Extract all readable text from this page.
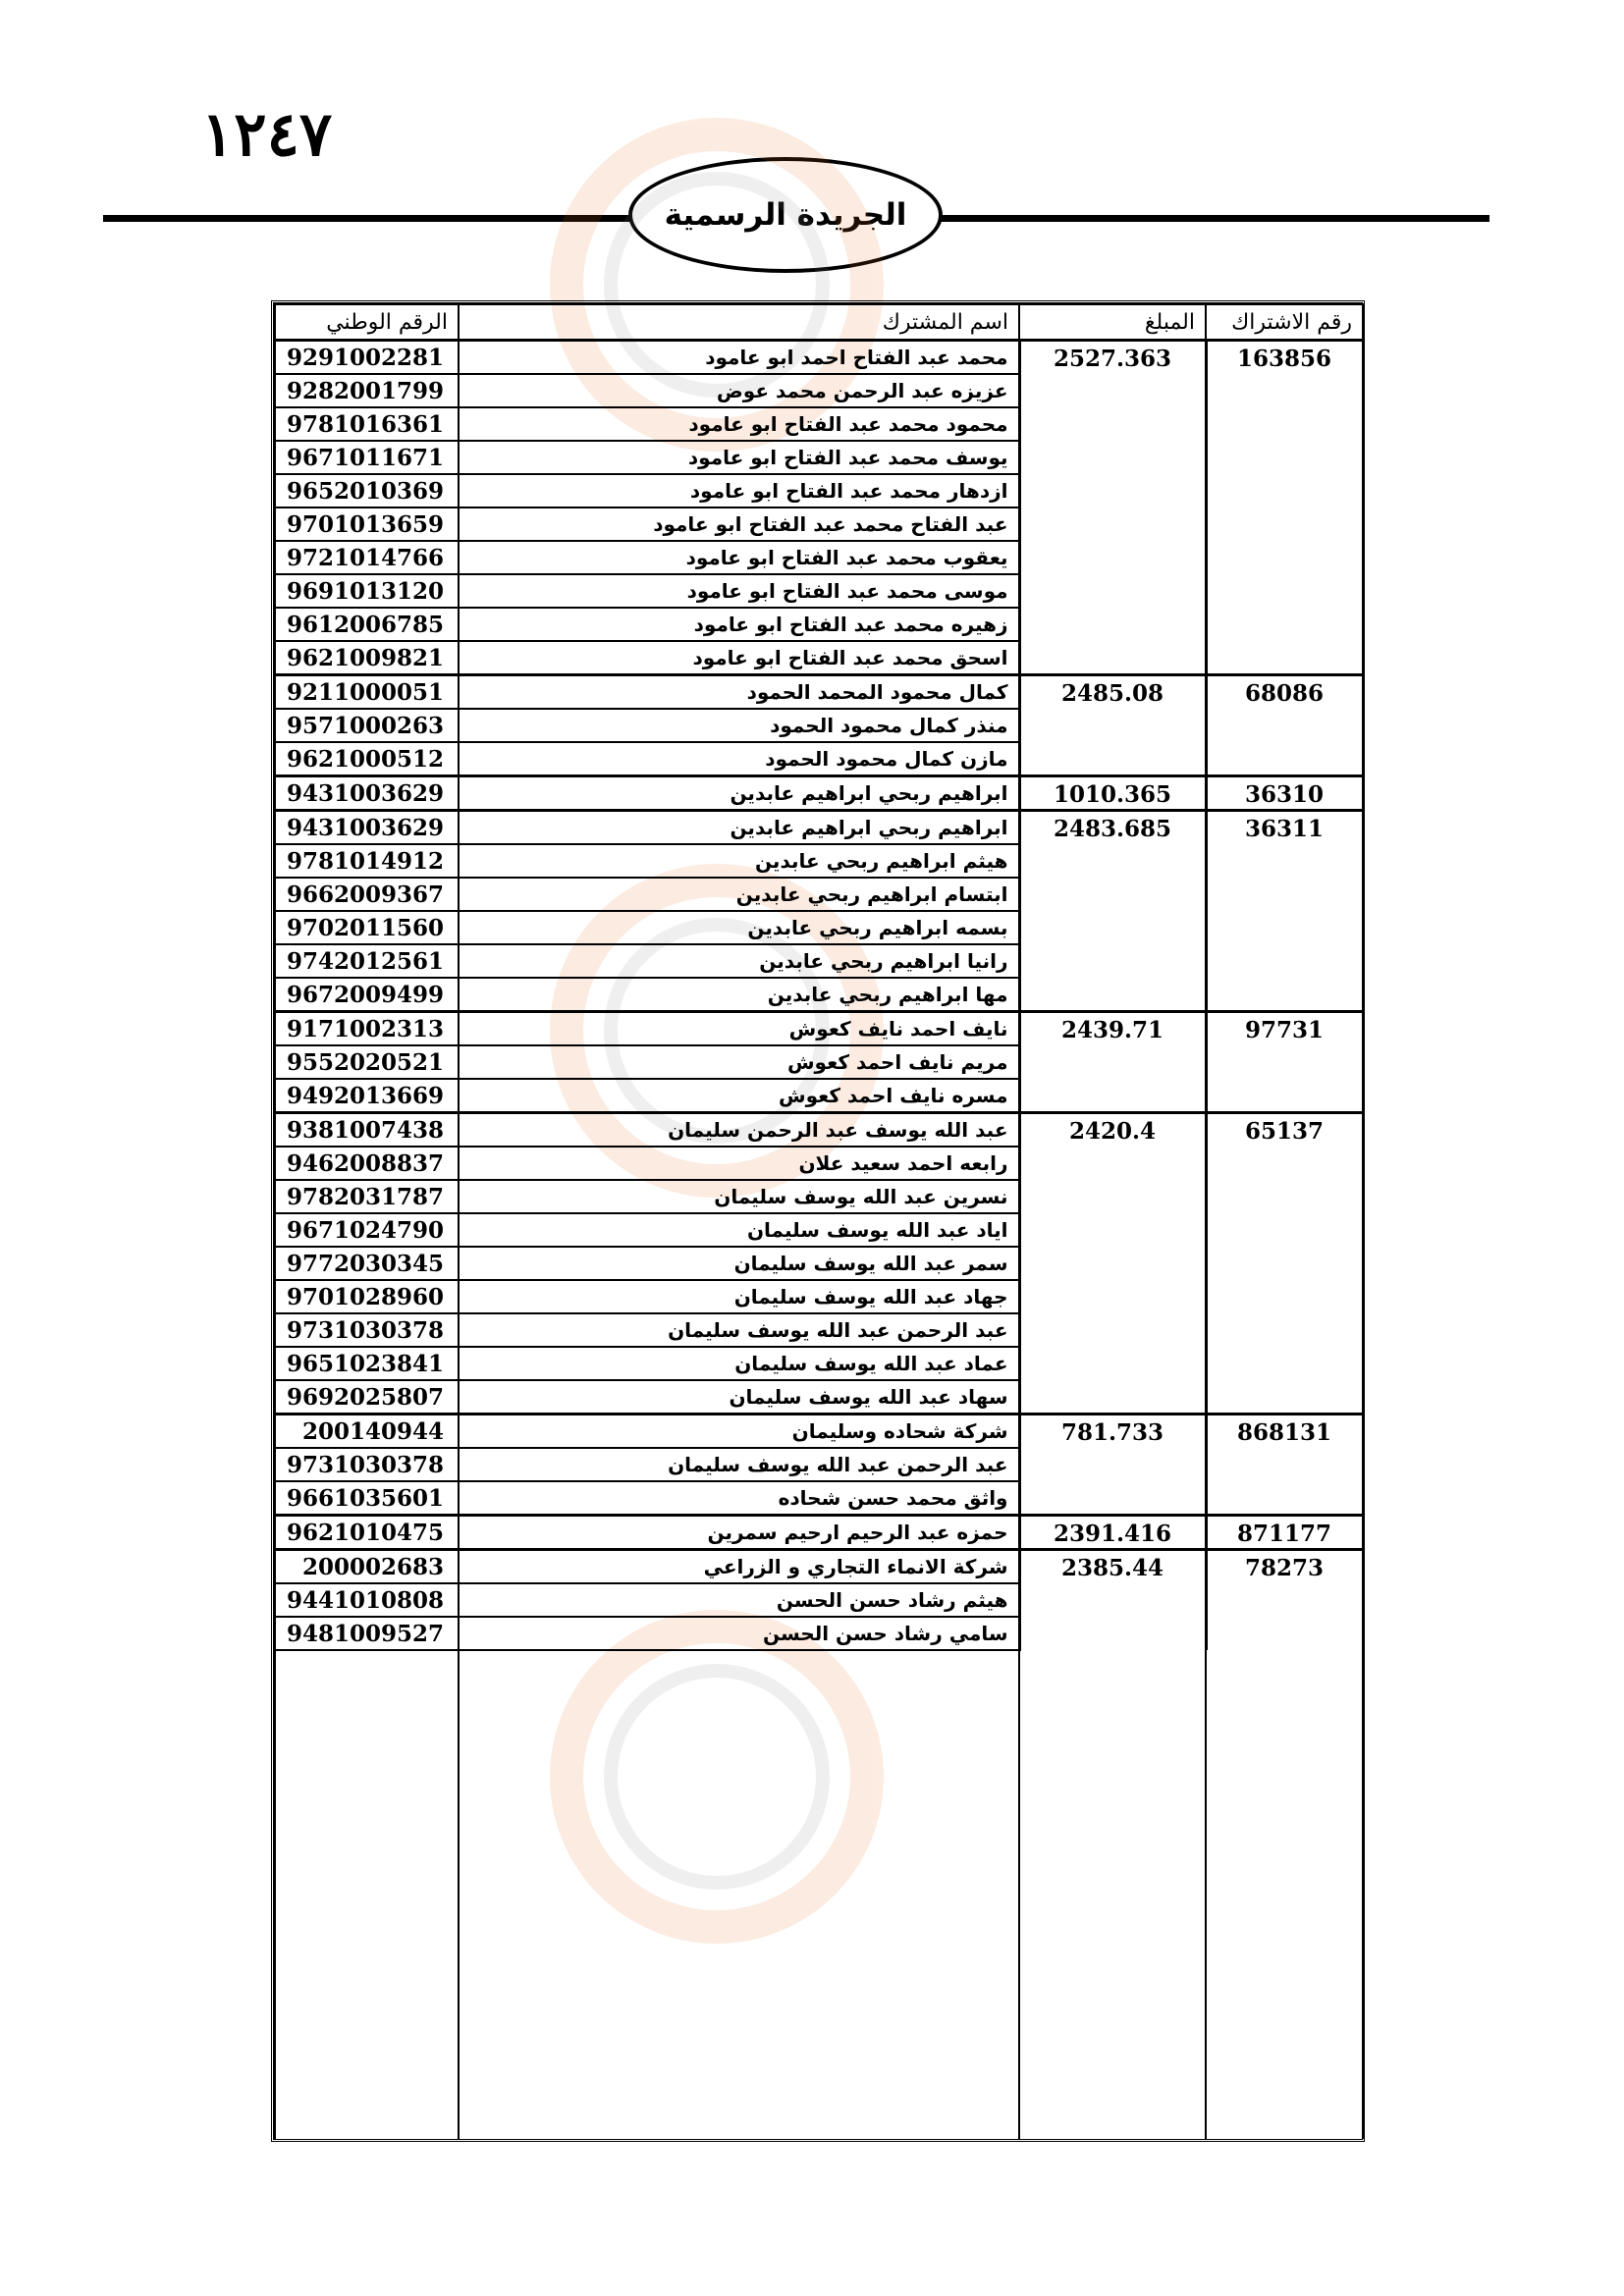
١٢٤٧
الجريدة الرسمية
الرقم الوطني	اسم المشترك	المبلغ	رقم الاشتراك
9291002281	محمد عبد الفتاح احمد ابو عامود	2527.363	163856
9282001799	عزيزه عبد الرحمن محمد عوض		
9781016361	محمود محمد عبد الفتاح ابو عامود		
9671011671	يوسف محمد عبد الفتاح ابو عامود		
9652010369	ازدهار محمد عبد الفتاح ابو عامود		
9701013659	عبد الفتاح محمد عبد الفتاح ابو عامود		
9721014766	يعقوب محمد عبد الفتاح ابو عامود		
9691013120	موسى محمد عبد الفتاح ابو عامود		
9612006785	زهيره محمد عبد الفتاح ابو عامود		
9621009821	اسحق محمد عبد الفتاح ابو عامود		
9211000051	كمال محمود المحمد الحمود	2485.08	68086
9571000263	منذر كمال محمود الحمود		
9621000512	مازن كمال محمود الحمود		
9431003629	ابراهيم ربحي ابراهيم عابدين	1010.365	36310
9431003629	ابراهيم ربحي ابراهيم عابدين	2483.685	36311
9781014912	هيثم ابراهيم ربحي عابدين		
9662009367	ابتسام ابراهيم ربحي عابدين		
9702011560	بسمه ابراهيم ربحي عابدين		
9742012561	رانيا ابراهيم ربحي عابدين		
9672009499	مها ابراهيم ربحي عابدين		
9171002313	نايف احمد نايف كعوش	2439.71	97731
9552020521	مريم نايف احمد كعوش		
9492013669	مسره نايف احمد كعوش		
9381007438	عبد الله يوسف عبد الرحمن سليمان	2420.4	65137
9462008837	رابعه احمد سعيد علان		
9782031787	نسرين عبد الله يوسف سليمان		
9671024790	اياد عبد الله يوسف سليمان		
9772030345	سمر عبد الله يوسف سليمان		
9701028960	جهاد عبد الله يوسف سليمان		
9731030378	عبد الرحمن عبد الله يوسف سليمان		
9651023841	عماد عبد الله يوسف سليمان		
9692025807	سهاد عبد الله يوسف سليمان		
200140944	شركة شحاده وسليمان	781.733	868131
9731030378	عبد الرحمن عبد الله يوسف سليمان		
9661035601	واثق محمد حسن شحاده		
9621010475	حمزه عبد الرحيم ارحيم سمرين	2391.416	871177
200002683	شركة الانماء التجاري و الزراعي	2385.44	78273
9441010808	هيثم رشاد حسن الحسن		
9481009527	سامي رشاد حسن الحسن		
